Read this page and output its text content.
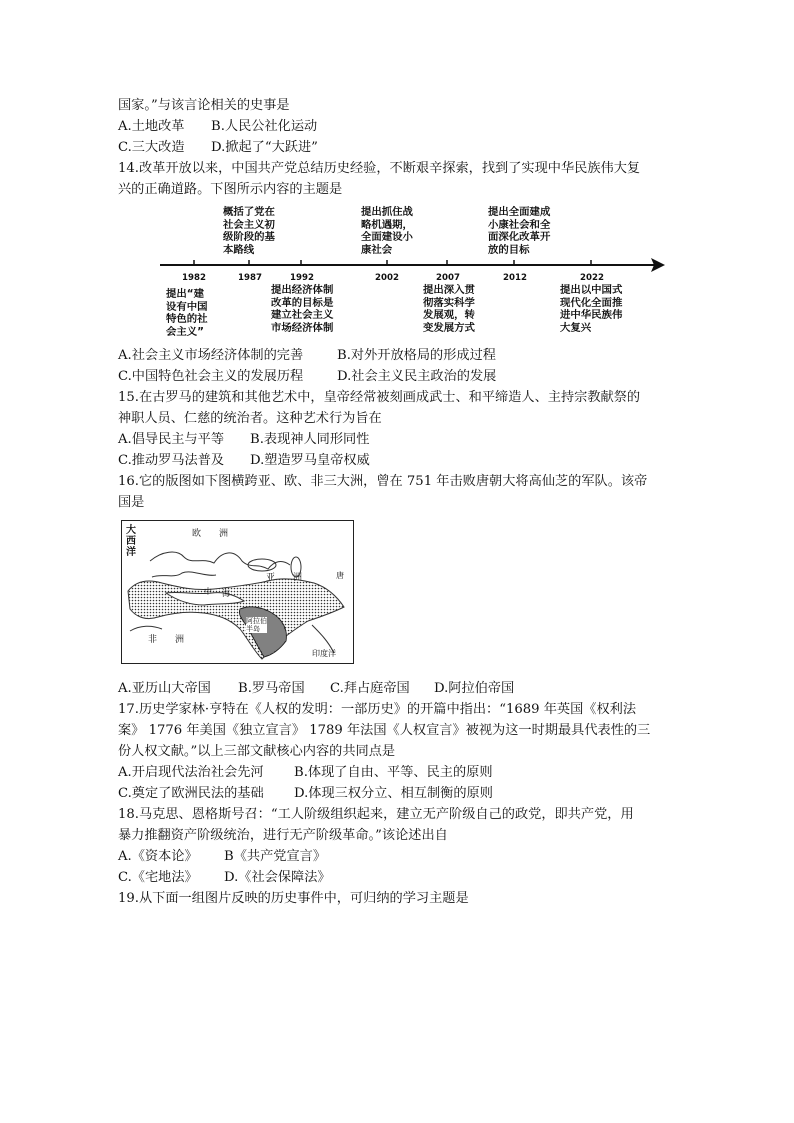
国家。”与该言论相关的史事是
A.土地改革 B.人民公社化运动
C.三大改造 D.掀起了“大跃进”
14.改革开放以来，中国共产党总结历史经验，不断艰辛探索，找到了实现中华民族伟大复
兴的正确道路。下图所示内容的主题是
概括了党在
社会主义初
级阶段的基
本路线
提出抓住战
略机遇期，
全面建设小
康社会
提出全面建成
小康社会和全
面深化改革开
放的目标
1982	1987	1992	2002	2007	2012	2022
提出“建
设有中国
特色的社
会主义”
提出经济体制
改革的目标是
建立社会主义
市场经济体制
提出深入贯
彻落实科学
发展观，转
变发展方式
提出以中国式
现代化全面推
进中华民族伟
大复兴
A.社会主义市场经济体制的完善	B.对外开放格局的形成过程
C.中国特色社会主义的发展历程	D.社会主义民主政治的发展
15.在古罗马的建筑和其他艺术中，皇帝经常被刻画成武士、和平缔造人、主持宗教献祭的
神职人员、仁慈的统治者。这种艺术行为旨在
A.倡导民主与平等 B.表现神人同形同性
C.推动罗马法普及 D.塑造罗马皇帝权威
16.它的版图如下图横跨亚、欧、非三大洲，曾在 751 年击败唐朝大将高仙芝的军队。该帝
国是
大
西
洋
欧　　洲
亚　　洲
非　　洲
中 海
唐
阿拉伯
半岛
印度洋
A.亚历山大帝国 B.罗马帝国 C.拜占庭帝国 D.阿拉伯帝国
17.历史学家林·亨特在《人权的发明：一部历史》的开篇中指出：“1689 年英国《权利法
案》 1776 年美国《独立宣言》 1789 年法国《人权宣言》被视为这一时期最具代表性的三
份人权文献。”以上三部文献核心内容的共同点是
A.开启现代法治社会先河 B.体现了自由、平等、民主的原则
C.奠定了欧洲民法的基础 D.体现三权分立、相互制衡的原则
18.马克思、恩格斯号召：“工人阶级组织起来，建立无产阶级自己的政党，即共产党，用
暴力推翻资产阶级统治，进行无产阶级革命。”该论述出自
A.《资本论》 B《共产党宣言》
C.《宅地法》 D.《社会保障法》
19.从下面一组图片反映的历史事件中，可归纳的学习主题是
